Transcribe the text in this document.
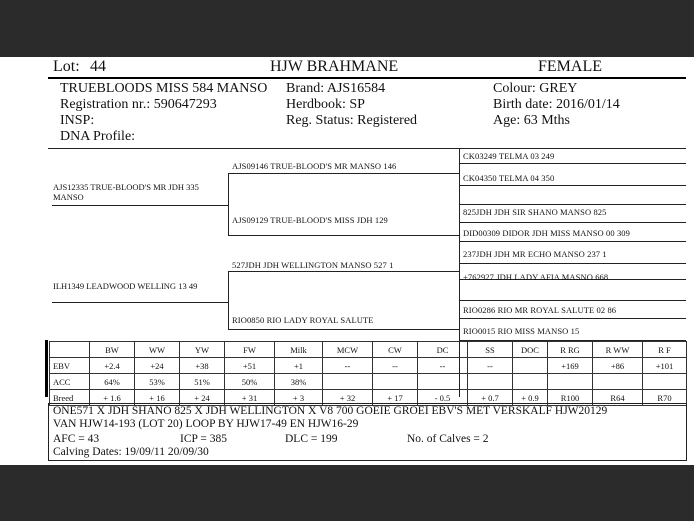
Lot: 44	HJW BRAHMANE	FEMALE
TRUEBLOODS MISS 584 MANSO Brand: AJS16584	Colour: GREY
Registration nr.: 590647293	Herdbook: SP	Birth date: 2016/01/14
INSP:	Reg. Status: Registered	Age: 63 Mths
DNA Profile:
AJS12335 TRUE-BLOOD'S MR JDH 335 MANSO
ILH1349 LEADWOOD WELLING 13 49
AJS09146 TRUE-BLOOD'S MR MANSO 146
AJS09129 TRUE-BLOOD'S MISS JDH 129
527JDH JDH WELLINGTON MANSO 527 1
RIO0850 RIO LADY ROYAL SALUTE
CK03249 TELMA 03 249
CK04350 TELMA 04 350
825JDH JDH SIR SHANO MANSO 825
DID00309 DIDOR JDH MISS MANSO 00 309
237JDH JDH MR ECHO MANSO 237 1
+762927 JDH LADY AFIA MASNO 668
RIO0286 RIO MR ROYAL SALUTE 02 86
RIO0015 RIO MISS MANSO 15
	BW	WW	YW	FW	Milk	MCW	CW	DC	SS	DOC	R RG	R WW	R F
EBV	+2.4	+24	+38	+51	+1	--	--	--	--		+169	+86	+101
ACC	64%	53%	51%	50%	38%								
Breed	+ 1.6	+ 16	+ 24	+ 31	+ 3	+ 32	+ 17	- 0.5	+ 0.7	+ 0.9	R100	R64	R70
ONE571 X JDH SHANO 825 X JDH WELLINGTON X V8 700 GOEIE GROEI EBV'S MET VERSKALF HJW20129
VAN HJW14-193 (LOT 20) LOOP BY HJW17-49 EN HJW16-29
AFC = 43	ICP = 385	DLC = 199	No. of Calves = 2
Calving Dates: 19/09/11 20/09/30
